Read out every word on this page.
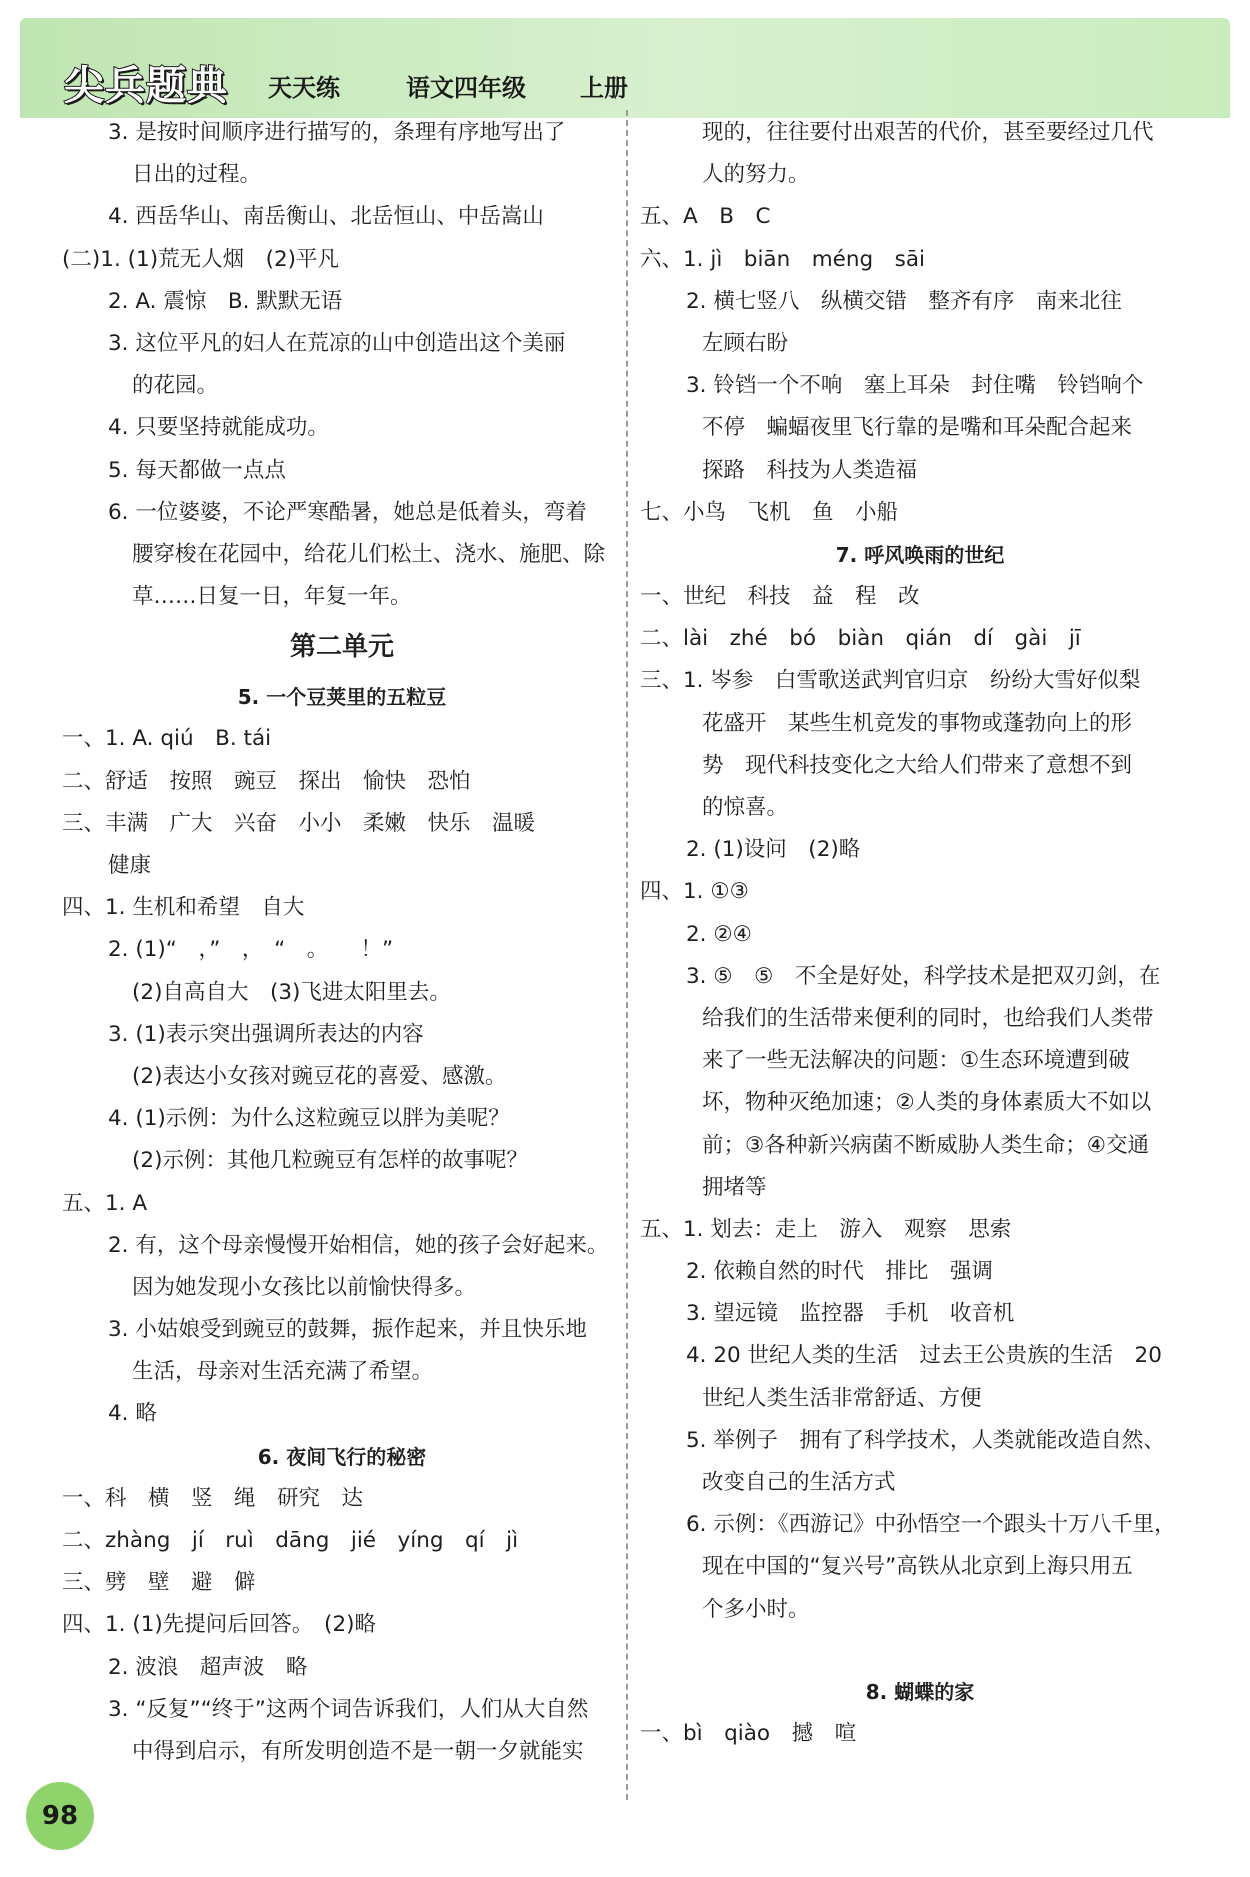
尖兵题典 天天练	语文四年级 上册
3. 是按时间顺序进行描写的，条理有序地写出了
日出的过程。
4. 西岳华山、南岳衡山、北岳恒山、中岳嵩山
(二)1. (1)荒无人烟　(2)平凡
2. A. 震惊　B. 默默无语
3. 这位平凡的妇人在荒凉的山中创造出这个美丽
的花园。
4. 只要坚持就能成功。
5. 每天都做一点点
6. 一位婆婆，不论严寒酷暑，她总是低着头，弯着
腰穿梭在花园中，给花儿们松土、浇水、施肥、除
草……日复一日，年复一年。
第二单元
5. 一个豆荚里的五粒豆
一、1. A. qiú　B. tái
二、舒适　按照　豌豆　探出　愉快　恐怕
三、丰满　广大　兴奋　小小　柔嫩　快乐　温暖
健康
四、1. 生机和希望　自大
2. (1)“　，”　，　“　。　　！”
(2)自高自大　(3)飞进太阳里去。
3. (1)表示突出强调所表达的内容
(2)表达小女孩对豌豆花的喜爱、感激。
4. (1)示例：为什么这粒豌豆以胖为美呢？
(2)示例：其他几粒豌豆有怎样的故事呢？
五、1. A
2. 有，这个母亲慢慢开始相信，她的孩子会好起来。
因为她发现小女孩比以前愉快得多。
3. 小姑娘受到豌豆的鼓舞，振作起来，并且快乐地
生活，母亲对生活充满了希望。
4. 略
6. 夜间飞行的秘密
一、科　横　竖　绳　研究　达
二、zhàng　jí　ruì　dāng　jié　yíng　qí　jì
三、劈　壁　避　僻
四、1. (1)先提问后回答。　(2)略
2. 波浪　超声波　略
3. “反复”“终于”这两个词告诉我们，人们从大自然
中得到启示，有所发明创造不是一朝一夕就能实
现的，往往要付出艰苦的代价，甚至要经过几代
人的努力。
五、A　B　C
六、1. jì　biān　méng　sāi
2. 横七竖八　纵横交错　整齐有序　南来北往
左顾右盼
3. 铃铛一个不响　塞上耳朵　封住嘴　铃铛响个
不停　蝙蝠夜里飞行靠的是嘴和耳朵配合起来
探路　科技为人类造福
七、小鸟　飞机　鱼　小船
7. 呼风唤雨的世纪
一、世纪　科技　益　程　改
二、lài　zhé　bó　biàn　qián　dí　gài　jī
三、1. 岑参　白雪歌送武判官归京　纷纷大雪好似梨
花盛开　某些生机竞发的事物或蓬勃向上的形
势　现代科技变化之大给人们带来了意想不到
的惊喜。
2. (1)设问　(2)略
四、1. ①③
2. ②④
3. ⑤　⑤　不全是好处，科学技术是把双刃剑，在
给我们的生活带来便利的同时，也给我们人类带
来了一些无法解决的问题：①生态环境遭到破
坏，物种灭绝加速；②人类的身体素质大不如以
前；③各种新兴病菌不断威胁人类生命；④交通
拥堵等
五、1. 划去：走上　游入　观察　思索
2. 依赖自然的时代　排比　强调
3. 望远镜　监控器　手机　收音机
4. 20 世纪人类的生活　过去王公贵族的生活　20
世纪人类生活非常舒适、方便
5. 举例子　拥有了科学技术，人类就能改造自然、
改变自己的生活方式
6. 示例：《西游记》中孙悟空一个跟头十万八千里，
现在中国的“复兴号”高铁从北京到上海只用五
个多小时。
8. 蝴蝶的家
一、bì　qiào　撼　喧
98
